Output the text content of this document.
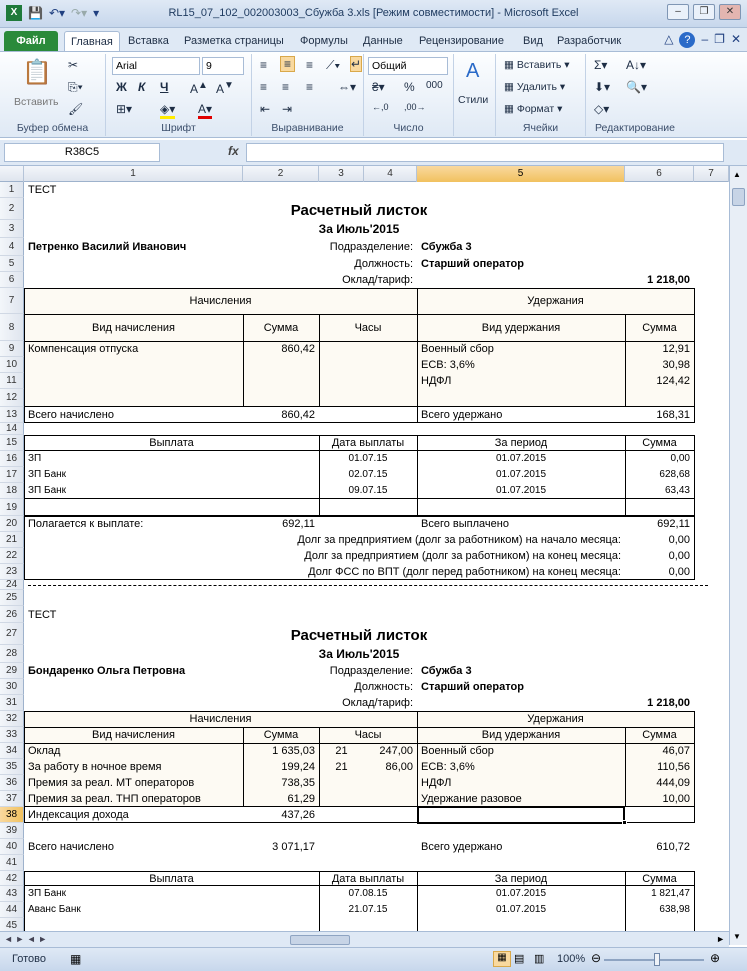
X 💾 ↶▾ ↷▾ ▾	RL15_07_102_002003003_Сбужба 3.xls [Режим совместимости] - Microsoft Excel	–	❐	✕
Файл	Главная	Вставка	Разметка страницы	Формулы	Данные	Рецензирование	Вид	Разработчик	△ ? – ❐ ✕
📋
Вставить
✂
⎘▾
🖌
Буфер обмена
Arial	9
Ж К Ч A▲ A▼
⊞▾ ◈▾ A▾
Шрифт
≡	≡	≡ ⟋▾ ↵
≡ ≡ ≡ ⇔▾
⇤ ⇥
Выравнивание
Общий
₴▾ % 000
←,0 ,00→
Число
A
Стили
▦ Вставить ▾
▦ Удалить ▾
▦ Формат ▾
Ячейки
Σ▾ A↓▾
⬇▾ 🔍▾
◇▾
Редактирование
R38C5	fx
1	2	3	4	5	6	7
1
2
3
4
5
6
7
8
9
10
11
12
13
14
15
16
17
18
19
20
21
22
23
24
25
26
27
28
29
30
31
32
33
34
35
36
37
38
39
40
41
42
43
44
45
ТЕСТ
Расчетный листок
За Июль'2015
Петренко Василий Иванович	Подразделение: Сбужба 3
Должность: Старший оператор
Оклад/тариф:	1 218,00
Начисления	Удержания
Вид начисления	Сумма	Часы	Вид удержания	Сумма
Компенсация отпуска	860,42	Военный сбор	12,91
ЕСВ: 3,6%	30,98
НДФЛ	124,42
Всего начислено	860,42	Всего удержано	168,31
Выплата	Дата выплаты	За период	Сумма
ЗП	01.07.15	01.07.2015	0,00
ЗП Банк	02.07.15	01.07.2015	628,68
ЗП Банк	09.07.15	01.07.2015	63,43
Полагается к выплате:	692,11	Всего выплачено	692,11
Долг за предприятием (долг за работником) на начало месяца:	0,00
Долг за предприятием (долг за работником) на конец месяца:	0,00
Долг ФСС по ВПТ (долг перед работником) на конец месяца:	0,00
ТЕСТ
Расчетный листок
За Июль'2015
Бондаренко Ольга Петровна	Подразделение: Сбужба 3
Должность: Старший оператор
Оклад/тариф:	1 218,00
Начисления	Удержания
Вид начисления	Сумма	Часы	Вид удержания	Сумма
Оклад	1 635,03	21	247,00
За работу в ночное время	199,24	21	86,00
Премия за реал. МТ операторов	738,35
Премия за реал. ТНП операторов	61,29
Индексация дохода	437,26
Военный сбор	46,07
ЕСВ: 3,6%	110,56
НДФЛ	444,09
Удержание разовое	10,00
Всего начислено	3 071,17	Всего удержано	610,72
Выплата	Дата выплаты	За период	Сумма
ЗП Банк	07.08.15	01.07.2015	1 821,47
Аванс Банк	21.07.15	01.07.2015	638,98
▲
▼
◄ ► ◄ ►	►
Готово ▦	▦ ▤ ▥ 100% ⊖	⊕
